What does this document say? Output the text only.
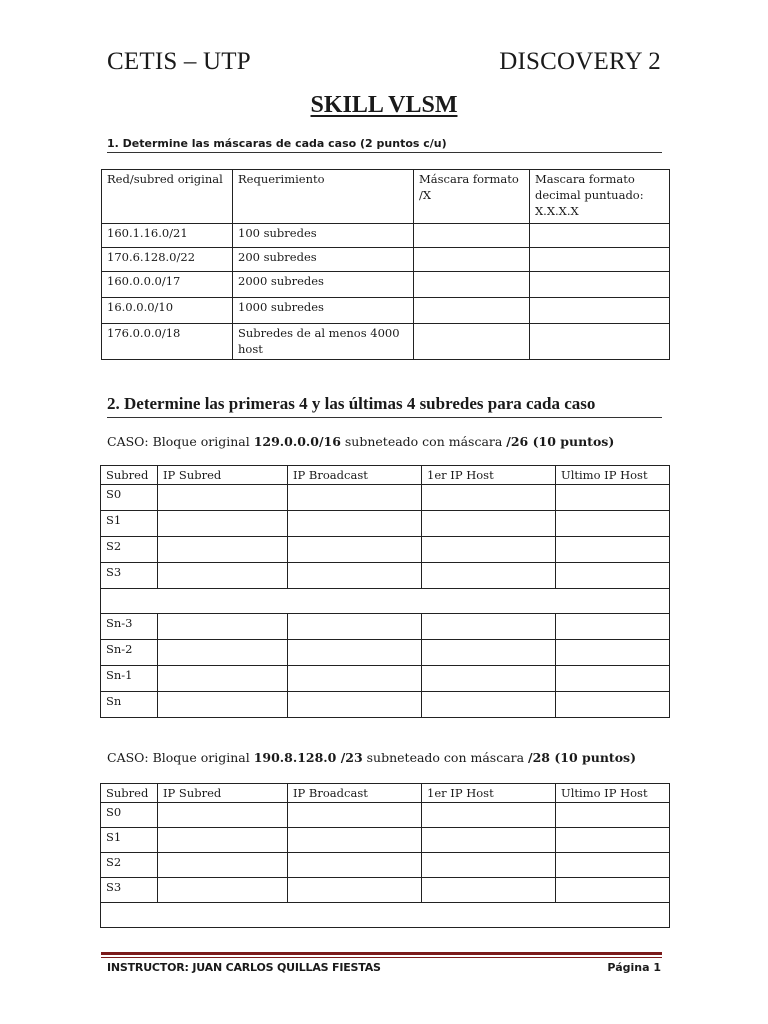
CETIS – UTP	DISCOVERY 2
SKILL VLSM
1. Determine las máscaras de cada caso (2 puntos c/u)
Red/subred original	Requerimiento	Máscara formato /X	Mascara formato decimal puntuado: X.X.X.X
160.1.16.0/21	100 subredes		
170.6.128.0/22	200 subredes		
160.0.0.0/17	2000 subredes		
16.0.0.0/10	1000 subredes		
176.0.0.0/18	Subredes de al menos 4000 host		
2. Determine las primeras 4 y las últimas 4 subredes para cada caso
CASO: Bloque original 129.0.0.0/16 subneteado con máscara /26 (10 puntos)
Subred	IP Subred	IP Broadcast	1er IP Host	Ultimo IP Host
S0				
S1				
S2				
S3				

Sn-3				
Sn-2				
Sn-1				
Sn				
CASO: Bloque original 190.8.128.0 /23 subneteado con máscara /28 (10 puntos)
Subred	IP Subred	IP Broadcast	1er IP Host	Ultimo IP Host
S0				
S1				
S2				
S3				

INSTRUCTOR: JUAN CARLOS QUILLAS FIESTAS	Página 1
